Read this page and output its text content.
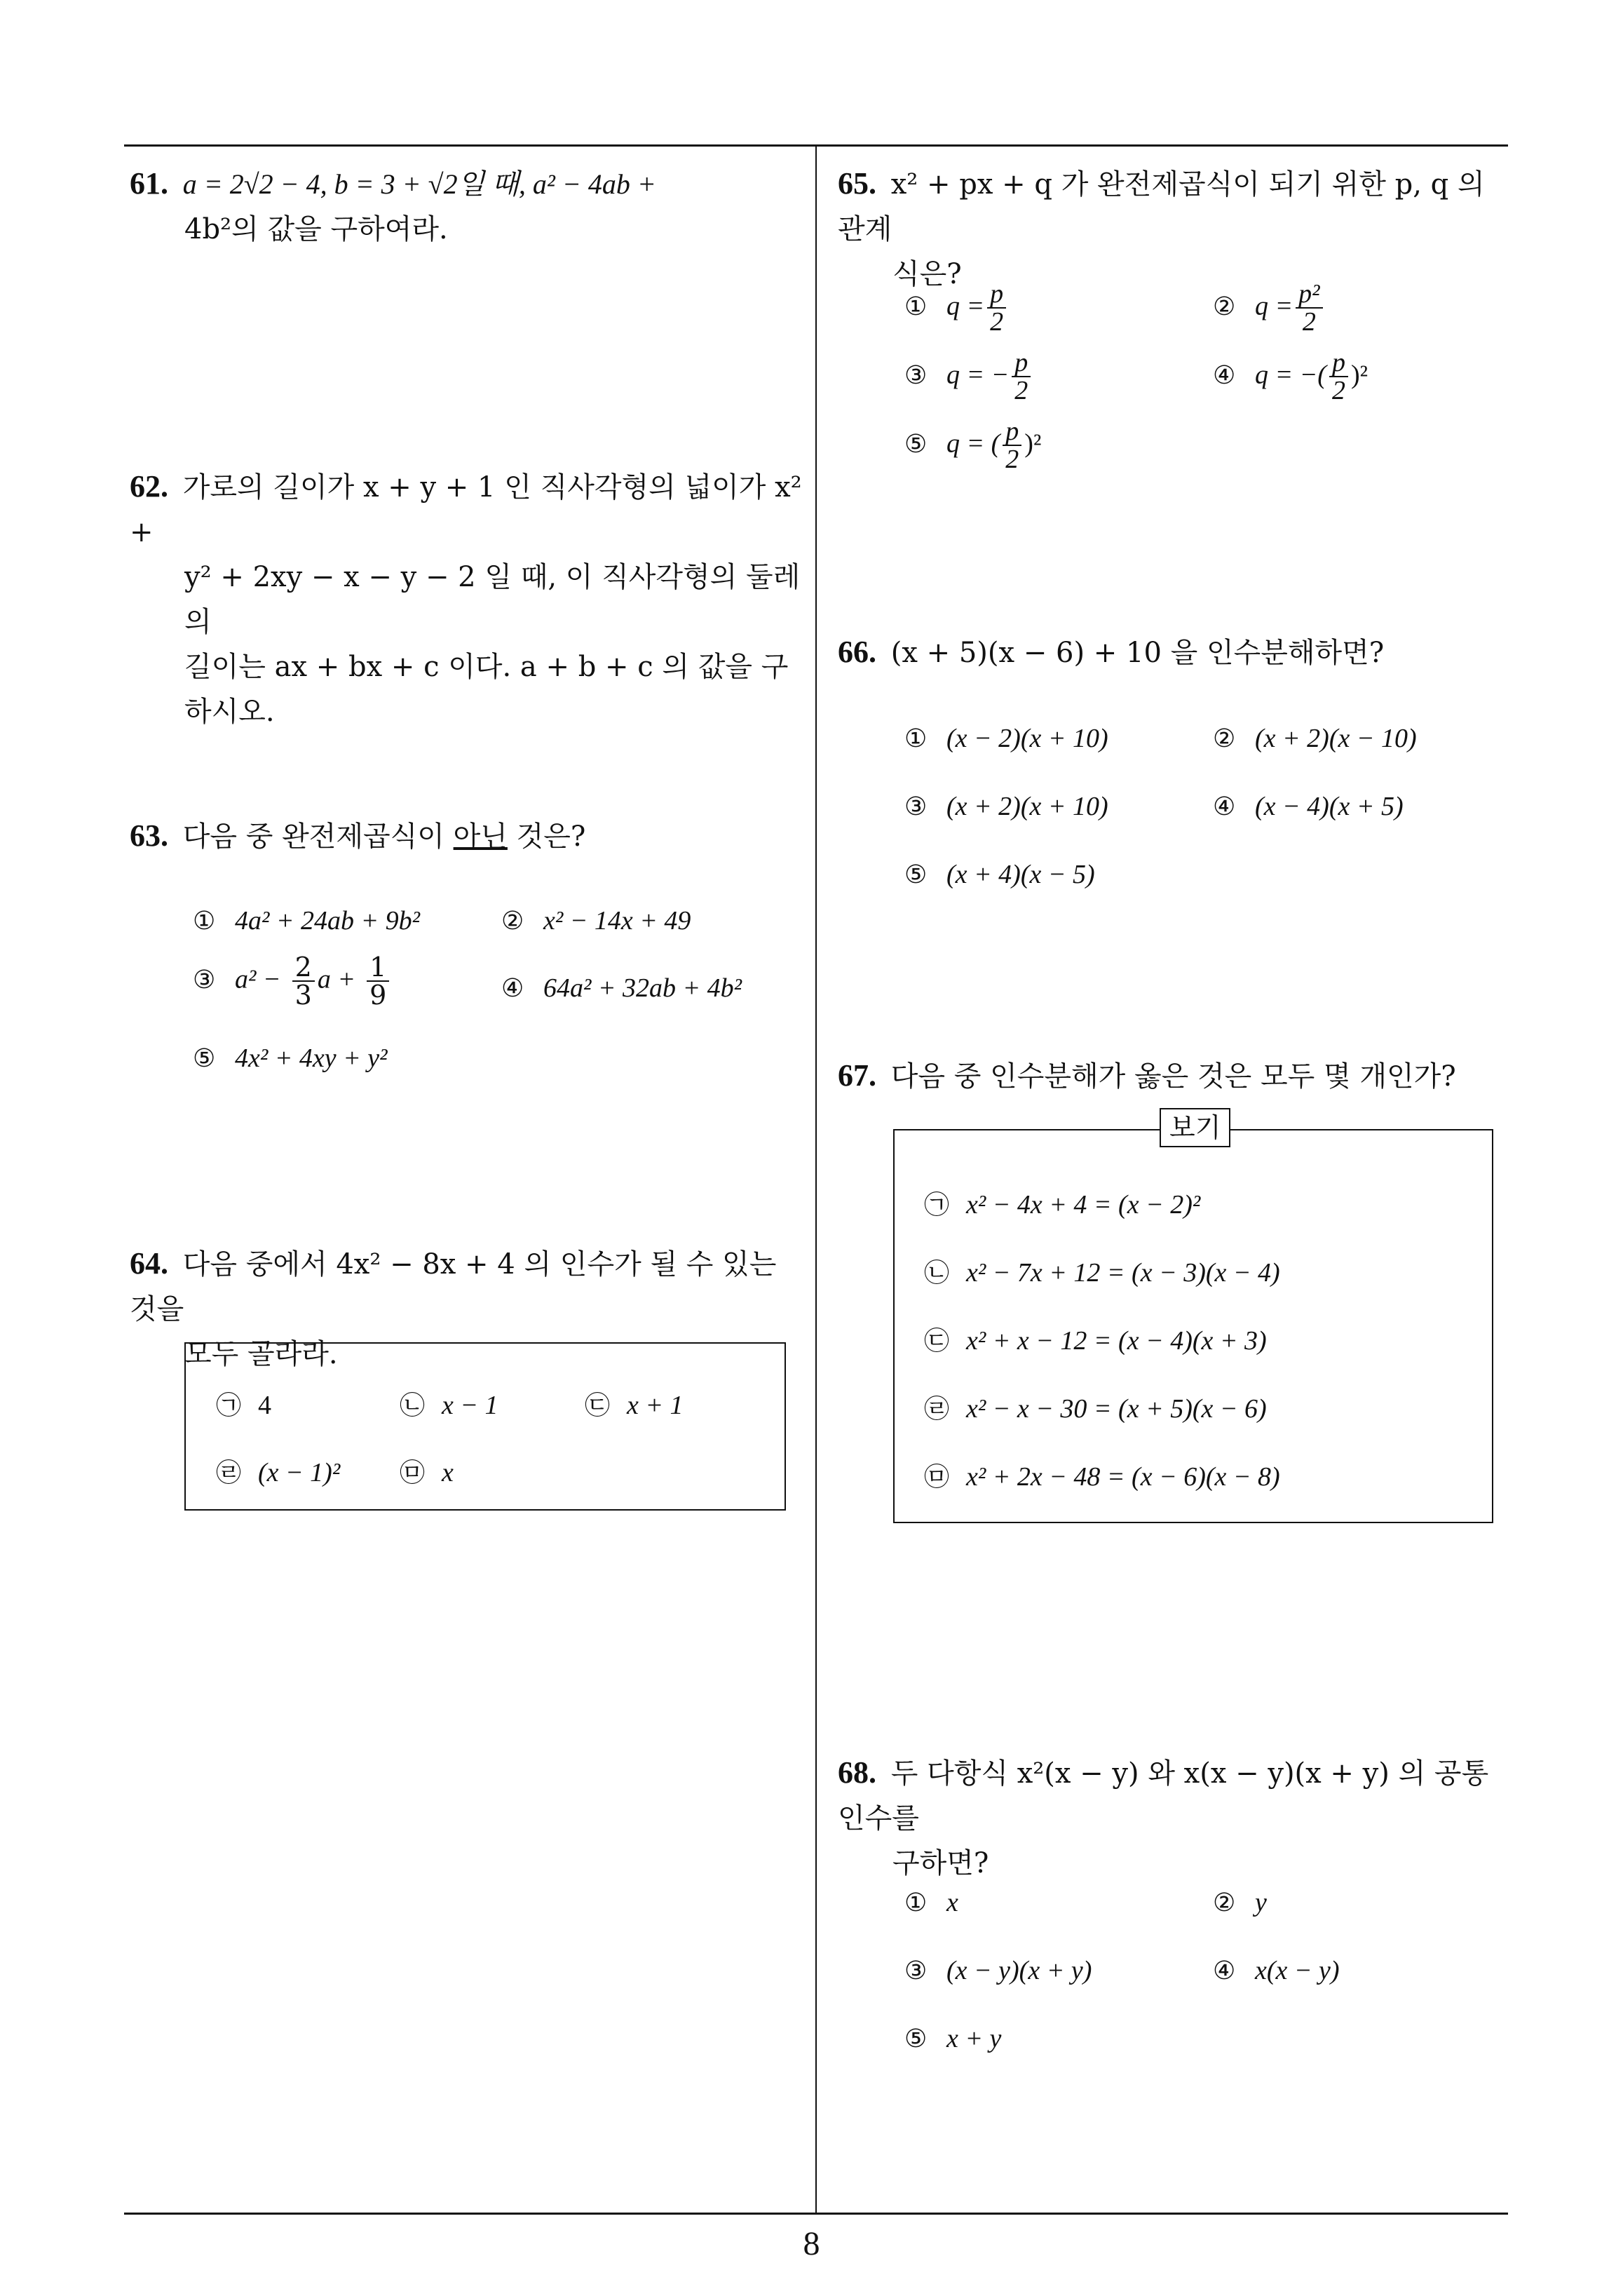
61. a = 2√2 − 4, b = 3 + √2일 때, a² − 4ab +
4b²의 값을 구하여라.
62. 가로의 길이가 x + y + 1 인 직사각형의 넓이가 x² +
y² + 2xy − x − y − 2 일 때, 이 직사각형의 둘레의
길이는 ax + bx + c 이다. a + b + c 의 값을 구하시오.
63. 다음 중 완전제곱식이 아닌 것은?
① 4a² + 24ab + 9b²	② x² − 14x + 49
③ $a^2 - \frac{2}{3}$ $a + \frac{1}{9}$	④ 64a² + 32ab + 4b²
⑤ 4x² + 4xy + y²
64. 다음 중에서 4x² − 8x + 4 의 인수가 될 수 있는 것을
모두 골라라.
㉠ 4	㉡ x − 1	㉢ x + 1
㉣ (x − 1)² ㉤ x
65. x² + px + q 가 완전제곱식이 되기 위한 p, q 의 관계
식은?
① $q = \frac{p}{2}$	② $q = \frac{\text{p²}}{2}$
③ q = − $\frac{p}{2}$	④ q = −( $\frac{p}{2} )^2$
⑤ q = ( $\frac{p}{2} )^2$
66. (x + 5)(x − 6) + 10 을 인수분해하면?
① (x − 2)(x + 10)	② (x + 2)(x − 10)
③ (x + 2)(x + 10)	④ (x − 4)(x + 5)
⑤ (x + 4)(x − 5)
67. 다음 중 인수분해가 옳은 것은 모두 몇 개인가?
보기
㉠ x² − 4x + 4 = (x − 2)²
㉡ x² − 7x + 12 = (x − 3)(x − 4)
㉢ x² + x − 12 = (x − 4)(x + 3)
㉣ x² − x − 30 = (x + 5)(x − 6)
㉤ x² + 2x − 48 = (x − 6)(x − 8)
68. 두 다항식 x²(x − y) 와 x(x − y)(x + y) 의 공통인수를
구하면?
① x	② y
③ (x − y)(x + y)	④ x(x − y)
⑤ x + y
8
